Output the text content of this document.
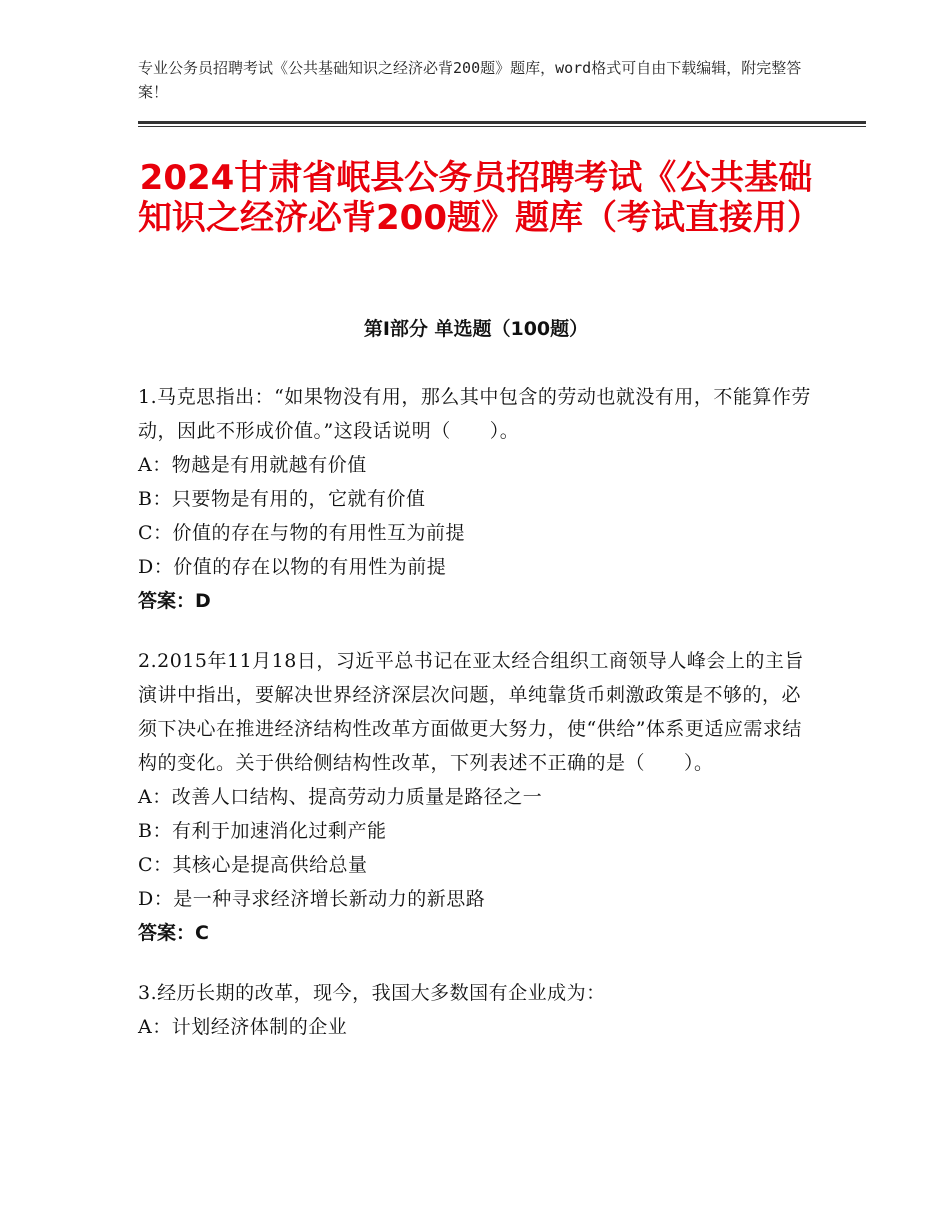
专业公务员招聘考试《公共基础知识之经济必背200题》题库，word格式可自由下载编辑，附完整答案！
2024甘肃省岷县公务员招聘考试《公共基础知识之经济必背200题》题库（考试直接用）
第I部分 单选题（100题）

1.马克思指出：“如果物没有用，那么其中包含的劳动也就没有用，不能算作劳动，因此不形成价值。”这段话说明（　　）。

A：物越是有用就越有价值

B：只要物是有用的，它就有价值

C：价值的存在与物的有用性互为前提

D：价值的存在以物的有用性为前提

答案：D

2.2015年11月18日，习近平总书记在亚太经合组织工商领导人峰会上的主旨演讲中指出，要解决世界经济深层次问题，单纯靠货币刺激政策是不够的，必须下决心在推进经济结构性改革方面做更大努力，使“供给”体系更适应需求结构的变化。关于供给侧结构性改革，下列表述不正确的是（　　）。

A：改善人口结构、提高劳动力质量是路径之一

B：有利于加速消化过剩产能

C：其核心是提高供给总量

D：是一种寻求经济增长新动力的新思路

答案：C

3.经历长期的改革，现今，我国大多数国有企业成为：

A：计划经济体制的企业
